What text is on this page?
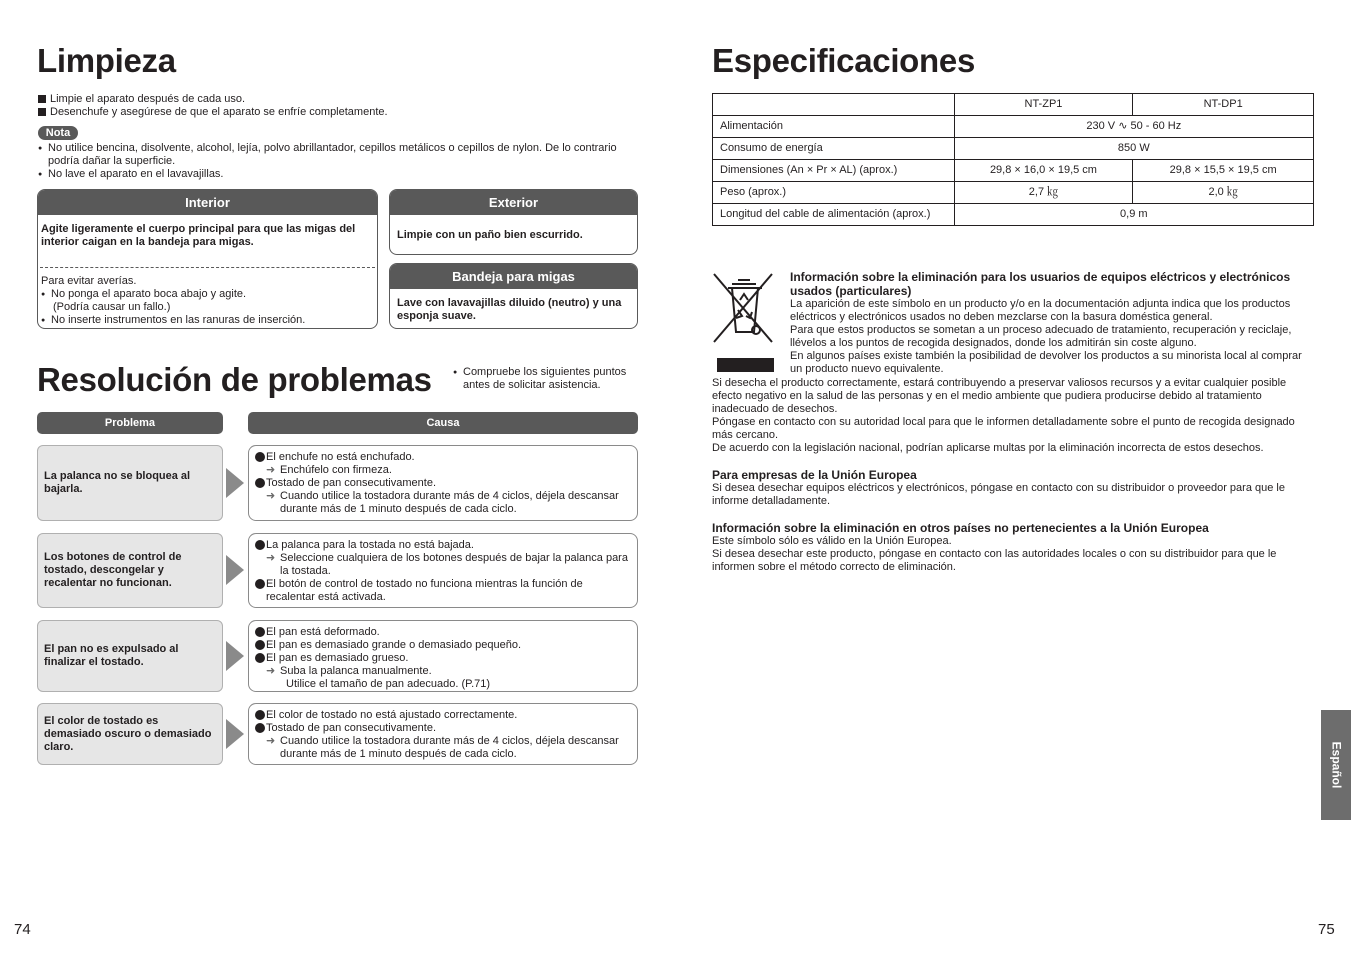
Limpieza
Limpie el aparato después de cada uso.
Desenchufe y asegúrese de que el aparato se enfríe completamente.
Nota
● No utilice bencina, disolvente, alcohol, lejía, polvo abrillantador, cepillos metálicos o cepillos de nylon. De lo contrario podría dañar la superficie.
● No lave el aparato en el lavavajillas.
Interior
Agite ligeramente el cuerpo principal para que las migas del interior caigan en la bandeja para migas.
Para evitar averías.
● No ponga el aparato boca abajo y agite.
(Podría causar un fallo.)
● No inserte instrumentos en las ranuras de inserción.
Exterior
Limpie con un paño bien escurrido.
Bandeja para migas
Lave con lavavajillas diluido (neutro) y una esponja suave.
Resolución de problemas	● Compruebe los siguientes puntos antes de solicitar asistencia.
Problema	Causa
La palanca no se bloquea al bajarla.
El enchufe no está enchufado.
➜ Enchúfelo con firmeza.
Tostado de pan consecutivamente.
➜ Cuando utilice la tostadora durante más de 4 ciclos, déjela descansar durante más de 1 minuto después de cada ciclo.
Los botones de control de tostado, descongelar y recalentar no funcionan.
La palanca para la tostada no está bajada.
➜ Seleccione cualquiera de los botones después de bajar la palanca para la tostada.
El botón de control de tostado no funciona mientras la función de recalentar está activada.
El pan no es expulsado al finalizar el tostado.
El pan está deformado.
El pan es demasiado grande o demasiado pequeño.
El pan es demasiado grueso.
➜ Suba la palanca manualmente.
Utilice el tamaño de pan adecuado. (P.71)
El color de tostado es demasiado oscuro o demasiado claro.
El color de tostado no está ajustado correctamente.
Tostado de pan consecutivamente.
➜ Cuando utilice la tostadora durante más de 4 ciclos, déjela descansar durante más de 1 minuto después de cada ciclo.
74
Especificaciones
	NT-ZP1	NT-DP1
Alimentación	230 V ∿ 50 - 60 Hz	
Consumo de energía	850 W	
Dimensiones (An × Pr × AL) (aprox.)	29,8 × 16,0 × 19,5 cm	29,8 × 15,5 × 19,5 cm
Peso (aprox.)	2,7 ㎏	2,0 ㎏
Longitud del cable de alimentación (aprox.)	0,9 m	
Información sobre la eliminación para los usuarios de equipos eléctricos y electrónicos usados (particulares)
La aparición de este símbolo en un producto y/o en la documentación adjunta indica que los productos eléctricos y electrónicos usados no deben mezclarse con la basura doméstica general.
Para que estos productos se sometan a un proceso adecuado de tratamiento, recuperación y reciclaje, llévelos a los puntos de recogida designados, donde los admitirán sin coste alguno.
En algunos países existe también la posibilidad de devolver los productos a su minorista local al comprar un producto nuevo equivalente.
Si desecha el producto correctamente, estará contribuyendo a preservar valiosos recursos y a evitar cualquier posible efecto negativo en la salud de las personas y en el medio ambiente que pudiera producirse debido al tratamiento inadecuado de desechos.
Póngase en contacto con su autoridad local para que le informen detalladamente sobre el punto de recogida designado más cercano.
De acuerdo con la legislación nacional, podrían aplicarse multas por la eliminación incorrecta de estos desechos.
Para empresas de la Unión Europea
Si desea desechar equipos eléctricos y electrónicos, póngase en contacto con su distribuidor o proveedor para que le informe detalladamente.
Información sobre la eliminación en otros países no pertenecientes a la Unión Europea
Este símbolo sólo es válido en la Unión Europea.
Si desea desechar este producto, póngase en contacto con las autoridades locales o con su distribuidor para que le informen sobre el método correcto de eliminación.
Español
75
